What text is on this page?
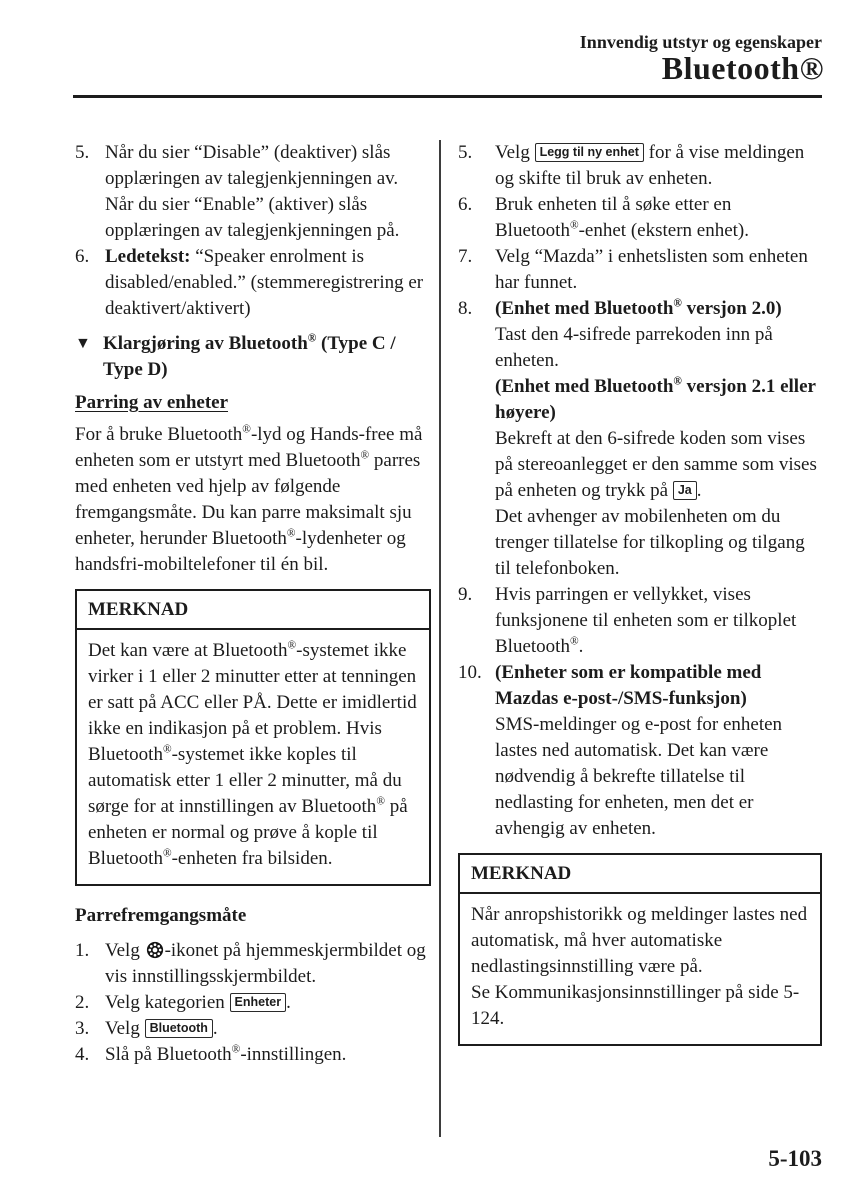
Innvendig utstyr og egenskaper
Bluetooth®
5. Når du sier “Disable” (deaktiver) slås opplæringen av talegjenkjenningen av. Når du sier “Enable” (aktiver) slås opplæringen av talegjenkjenningen på.
6. Ledetekst: “Speaker enrolment is disabled/enabled.” (stemmeregistrering er deaktivert/aktivert)
▼ Klargjøring av Bluetooth® (Type C / Type D)
Parring av enheter

For å bruke Bluetooth®-lyd og Hands-free må enheten som er utstyrt med Bluetooth® parres med enheten ved hjelp av følgende fremgangsmåte. Du kan parre maksimalt sju enheter, herunder Bluetooth®-lydenheter og handsfri-mobiltelefoner til én bil.

MERKNAD

Det kan være at Bluetooth®-systemet ikke virker i 1 eller 2 minutter etter at tenningen er satt på ACC eller PÅ. Dette er imidlertid ikke en indikasjon på et problem. Hvis Bluetooth®-systemet ikke koples til automatisk etter 1 eller 2 minutter, må du sørge for at innstillingen av Bluetooth® på enheten er normal og prøve å kople til Bluetooth®-enheten fra bilsiden.

Parrefremgangsmåte
1. Velg -ikonet på hjemmeskjermbildet og vis innstillingsskjermbildet.
2. Velg kategorien Enheter .
3. Velg Bluetooth .
4. Slå på Bluetooth®-innstillingen.
5.	Velg Legg til ny enhet for å vise meldingen og skifte til bruk av enheten.
6.	Bruk enheten til å søke etter en Bluetooth®-enhet (ekstern enhet).
7.	Velg “Mazda” i enhetslisten som enheten har funnet.
8.	(Enhet med Bluetooth® versjon 2.0)
Tast den 4-sifrede parrekoden inn på enheten.
(Enhet med Bluetooth® versjon 2.1 eller høyere)
Bekreft at den 6-sifrede koden som vises på stereoanlegget er den samme som vises på enheten og trykk på Ja .
Det avhenger av mobilenheten om du trenger tillatelse for tilkopling og tilgang til telefonboken.
9.	Hvis parringen er vellykket, vises funksjonene til enheten som er tilkoplet Bluetooth®.
10. (Enheter som er kompatible med Mazdas e-post-/SMS-funksjon)
SMS-meldinger og e-post for enheten lastes ned automatisk. Det kan være nødvendig å bekrefte tillatelse til nedlasting for enheten, men det er avhengig av enheten.
MERKNAD

Når anropshistorikk og meldinger lastes ned automatisk, må hver automatiske nedlastingsinnstilling være på.

Se Kommunikasjonsinnstillinger på side 5-124.

5-103
